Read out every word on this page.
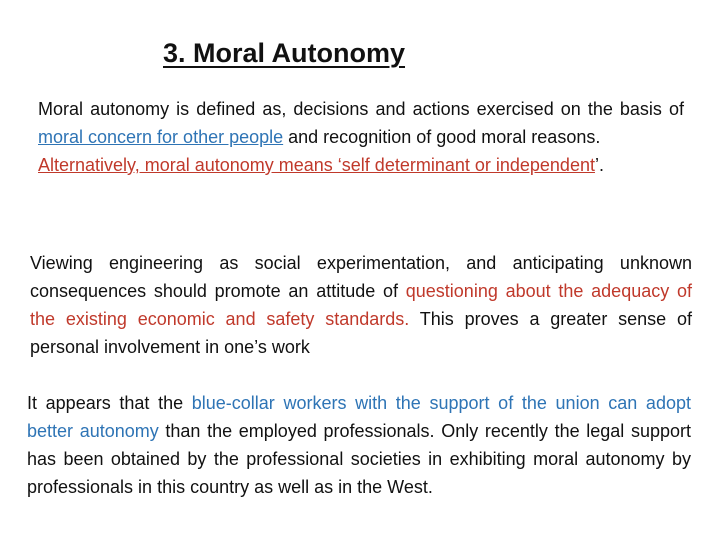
3. Moral Autonomy
Moral autonomy is defined as, decisions and actions exercised on the basis of moral concern for other people and recognition of good moral reasons.
Alternatively, moral autonomy means ‘self determinant or independent’.
Viewing engineering as social experimentation, and anticipating unknown consequences should promote an attitude of questioning about the adequacy of the existing economic and safety standards. This proves a greater sense of personal involvement in one’s work
It appears that the blue-collar workers with the support of the union can adopt better autonomy than the employed professionals. Only recently the legal support has been obtained by the professional societies in exhibiting moral autonomy by professionals in this country as well as in the West.
